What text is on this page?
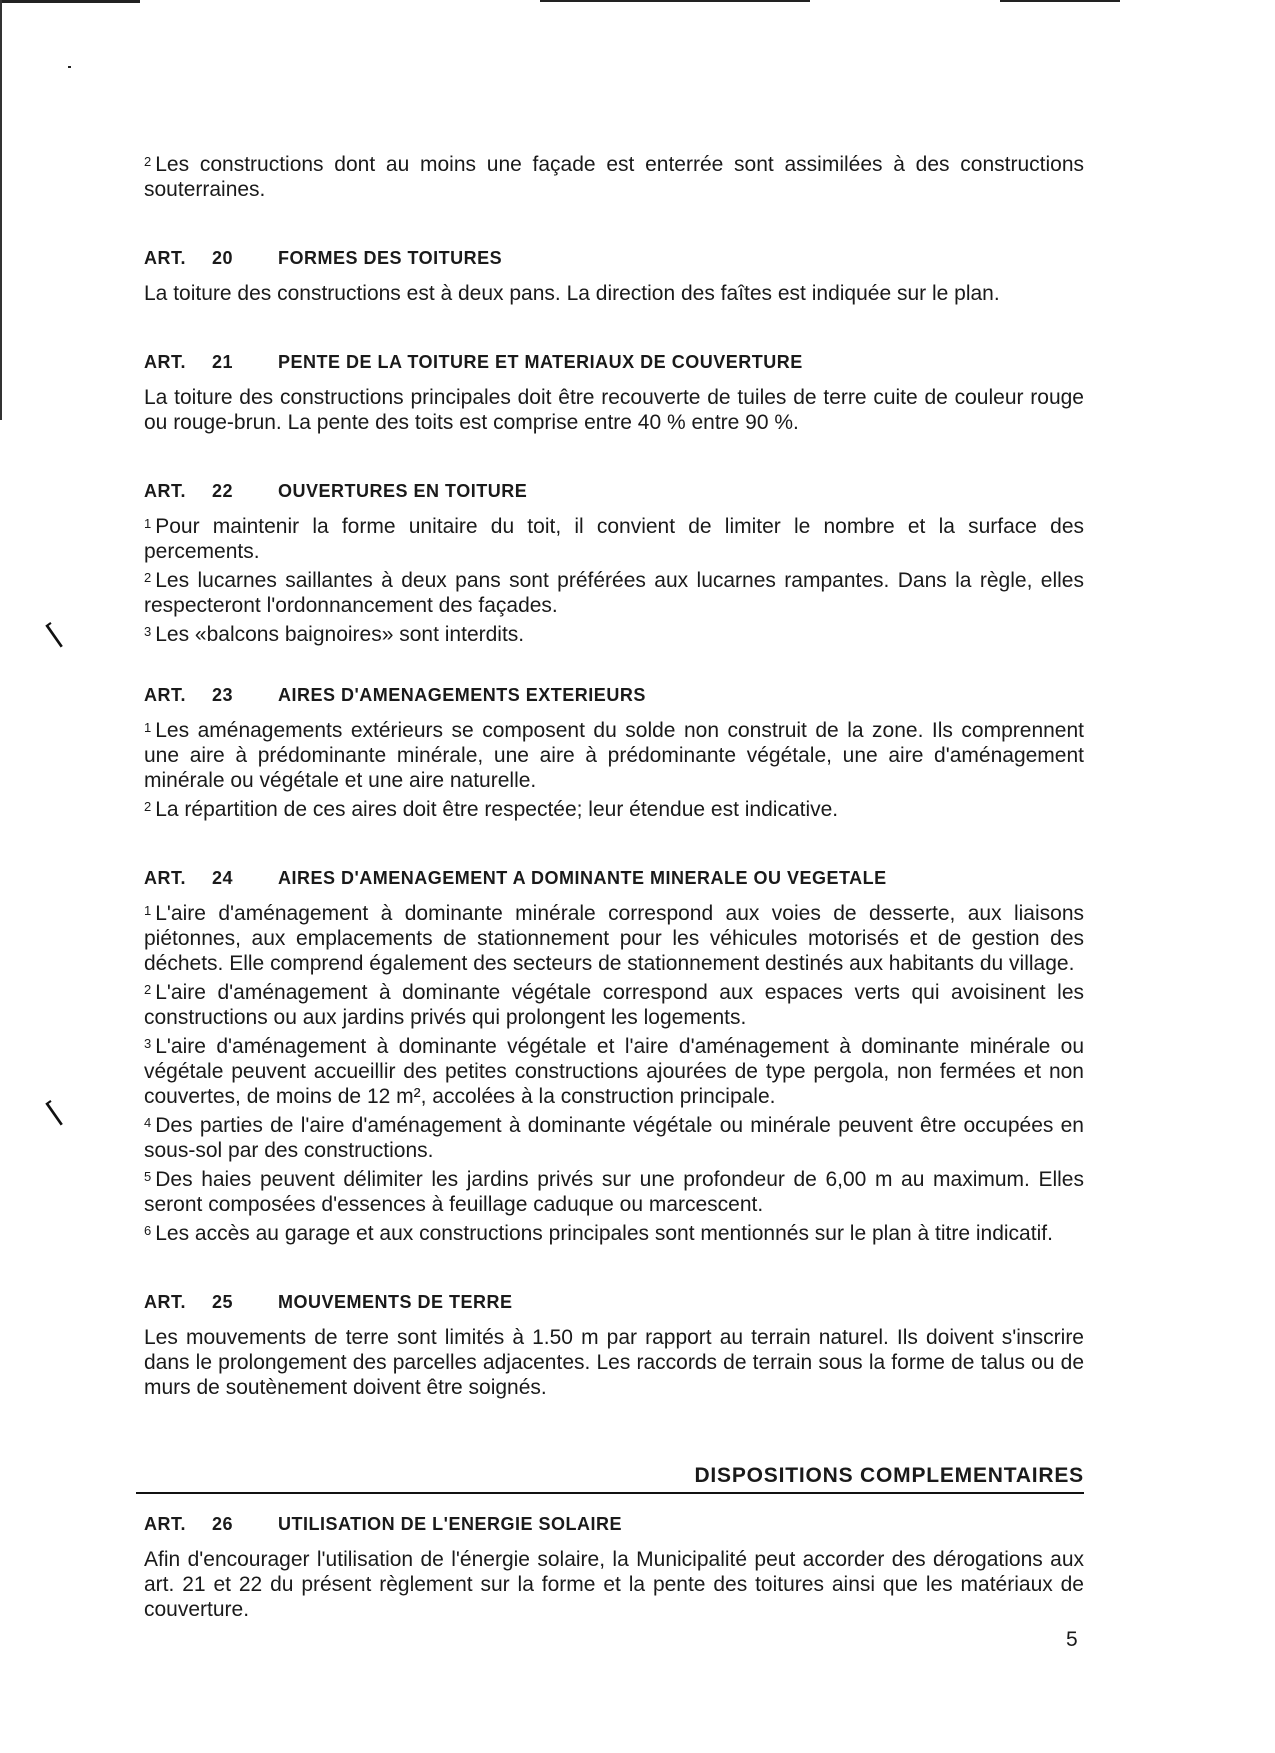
⌈
⌈

$^2$ Les constructions dont au moins une façade est enterrée sont assimilées à des constructions souterraines.

ART.	20	FORMES DES TOITURES

La toiture des constructions est à deux pans. La direction des faîtes est indiquée sur le plan.

ART.	21	PENTE DE LA TOITURE ET MATERIAUX DE COUVERTURE

La toiture des constructions principales doit être recouverte de tuiles de terre cuite de couleur rouge ou rouge-brun. La pente des toits est comprise entre 40 % entre 90 %.

ART.	22	OUVERTURES EN TOITURE

$^1$ Pour maintenir la forme unitaire du toit, il convient de limiter le nombre et la surface des percements.

$^2$ Les lucarnes saillantes à deux pans sont préférées aux lucarnes rampantes. Dans la règle, elles respecteront l'ordonnancement des façades.

$^3$ Les «balcons baignoires» sont interdits.

ART.	23	AIRES D'AMENAGEMENTS EXTERIEURS

$^1$ Les aménagements extérieurs se composent du solde non construit de la zone. Ils comprennent une aire à prédominante minérale, une aire à prédominante végétale, une aire d'aménagement minérale ou végétale et une aire naturelle.

$^2$ La répartition de ces aires doit être respectée; leur étendue est indicative.

ART.	24	AIRES D'AMENAGEMENT A DOMINANTE MINERALE OU VEGETALE

$^1$ L'aire d'aménagement à dominante minérale correspond aux voies de desserte, aux liaisons piétonnes, aux emplacements de stationnement pour les véhicules motorisés et de gestion des déchets. Elle comprend également des secteurs de stationnement destinés aux habitants du village.

$^2$ L'aire d'aménagement à dominante végétale correspond aux espaces verts qui avoisinent les constructions ou aux jardins privés qui prolongent les logements.

$^3$ L'aire d'aménagement à dominante végétale et l'aire d'aménagement à dominante minérale ou végétale peuvent accueillir des petites constructions ajourées de type pergola, non fermées et non couvertes, de moins de 12 m², accolées à la construction principale.

$^4$ Des parties de l'aire d'aménagement à dominante végétale ou minérale peuvent être occupées en sous-sol par des constructions.

$^5$ Des haies peuvent délimiter les jardins privés sur une profondeur de 6,00 m au maximum. Elles seront composées d'essences à feuillage caduque ou marcescent.

$^6$ Les accès au garage et aux constructions principales sont mentionnés sur le plan à titre indicatif.

ART.	25	MOUVEMENTS DE TERRE

Les mouvements de terre sont limités à 1.50 m par rapport au terrain naturel. Ils doivent s'inscrire dans le prolongement des parcelles adjacentes. Les raccords de terrain sous la forme de talus ou de murs de soutènement doivent être soignés.

DISPOSITIONS COMPLEMENTAIRES
ART.	26	UTILISATION DE L'ENERGIE SOLAIRE

Afin d'encourager l'utilisation de l'énergie solaire, la Municipalité peut accorder des dérogations aux art. 21 et 22 du présent règlement sur la forme et la pente des toitures ainsi que les matériaux de couverture.

5
